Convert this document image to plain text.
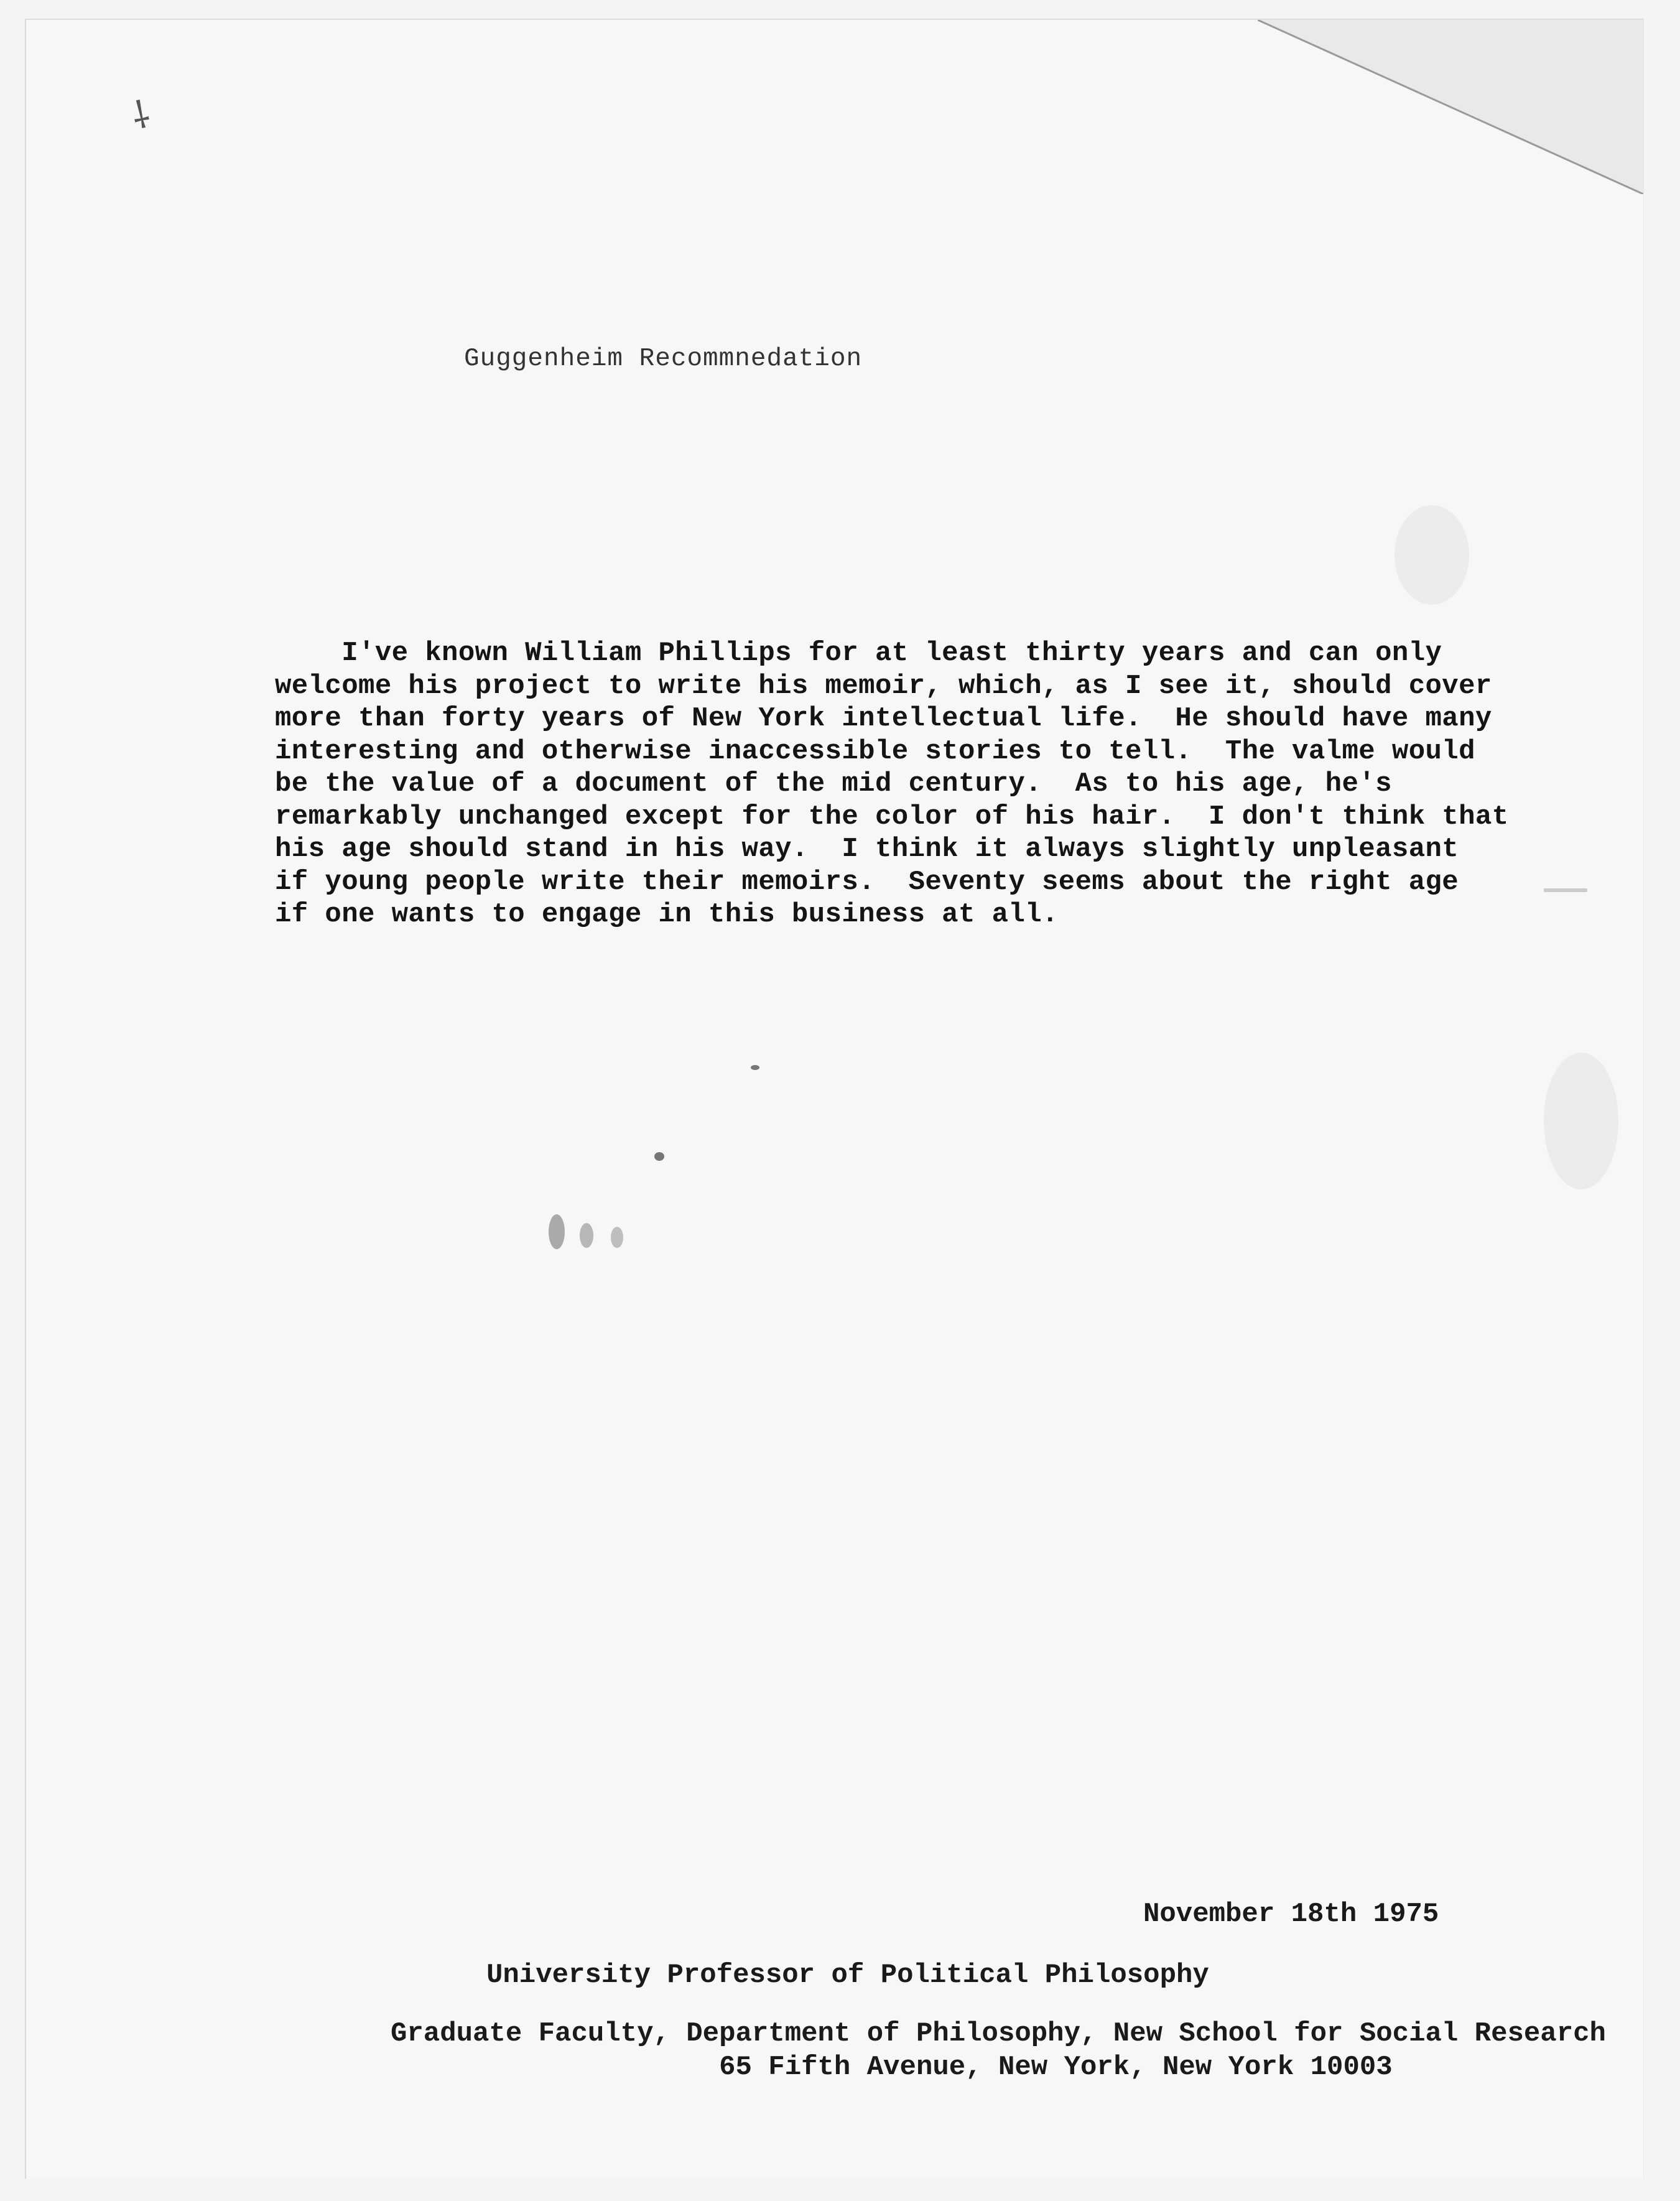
⸸

Guggenheim Recommnedation

I've known William Phillips for at least thirty years and can only
welcome his project to write his memoir, which, as I see it, should cover
more than forty years of New York intellectual life.  He should have many
interesting and otherwise inaccessible stories to tell.  The valme would
be the value of a document of the mid century.  As to his age, he's
remarkably unchanged except for the color of his hair.  I don't think that
his age should stand in his way.  I think it always slightly unpleasant
if young people write their memoirs.  Seventy seems about the right age
if one wants to engage in this business at all.

November 18th 1975

University Professor of Political Philosophy

Graduate Faculty, Department of Philosophy, New School for Social Research
65 Fifth Avenue, New York, New York 10003
